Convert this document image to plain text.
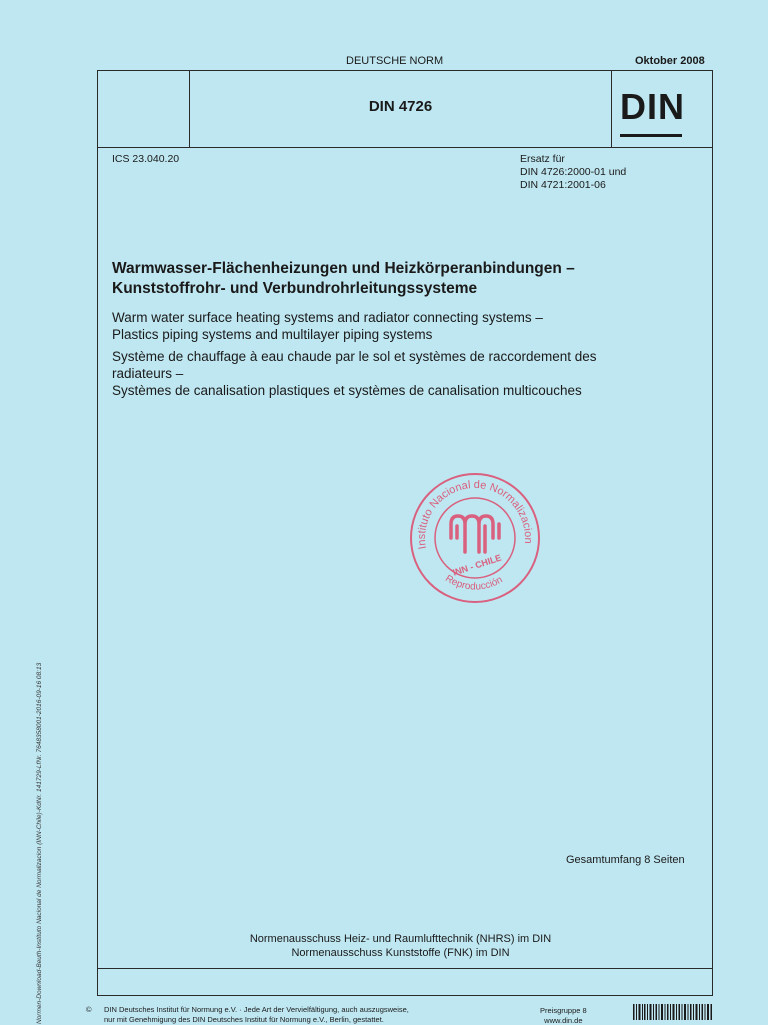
DEUTSCHE NORM	Oktober 2008
DIN 4726	DIN
ICS 23.040.20	Ersatz für
DIN 4726:2000-01 und
DIN 4721:2001-06
Warmwasser-Flächenheizungen und Heizkörperanbindungen –
Kunststoffrohr- und Verbundrohrleitungssysteme
Warm water surface heating systems and radiator connecting systems –
Plastics piping systems and multilayer piping systems
Système de chauffage à eau chaude par le sol et systèmes de raccordement des
radiateurs –
Systèmes de canalisation plastiques et systèmes de canalisation multicouches
Instituto Nacional de Normalizacion
INN - CHILE
Reproducción
Gesamtumfang 8 Seiten
Normenausschuss Heiz- und Raumlufttechnik (NHRS) im DIN
Normenausschuss Kunststoffe (FNK) im DIN
© DIN Deutsches Institut für Normung e.V. · Jede Art der Vervielfältigung, auch auszugsweise,
nur mit Genehmigung des DIN Deutsches Institut für Normung e.V., Berlin, gestattet.
Preisgruppe 8
www.din.de
Normen-Download-Beuth-Instituto Nacional de Normalizacion (INN-Chile)-KdNr. 141729-LfNr. 7648358001-2016-09-16 08:13
